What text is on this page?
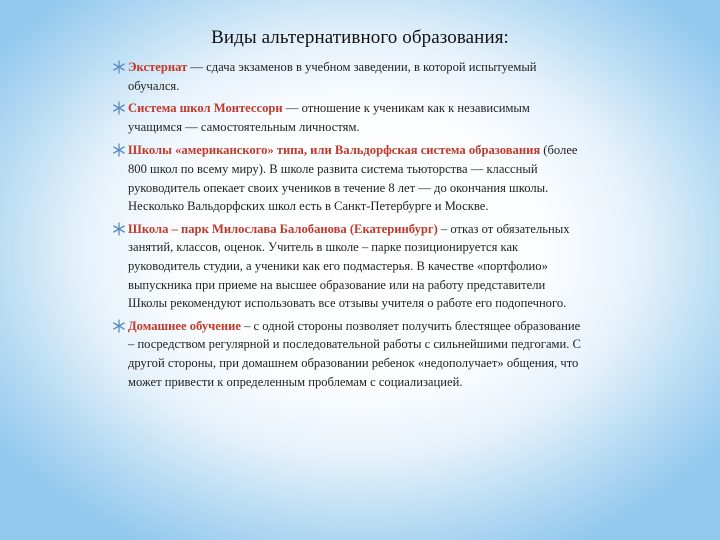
Виды альтернативного образования:
Экстернат — сдача экзаменов в учебном заведении, в которой испытуемый обучался.
Система школ Монтессори — отношение к ученикам как к независимым учащимся — самостоятельным личностям.
Школы «американского» типа, или Вальдорфская система образования (более 800 школ по всему миру). В школе развита система тьюторства — классный руководитель опекает своих учеников в течение 8 лет — до окончания школы. Несколько Вальдорфских школ есть в Санкт-Петербурге и Москве.
Школа – парк Милослава Балобанова (Екатеринбург) – отказ от обязательных занятий, классов, оценок. Учитель в школе – парке позиционируется как руководитель студии, а ученики как его подмастерья. В качестве «портфолио» выпускника при приеме на высшее образование или на работу представители Школы рекомендуют использовать все отзывы учителя о работе его подопечного.
Домашнее обучение – с одной стороны позволяет получить блестящее образование – посредством регулярной и последовательной работы с сильнейшими педгогами. С другой стороны, при домашнем образовании ребенок «недополучает» общения, что может привести к определенным проблемам с социализацией.
